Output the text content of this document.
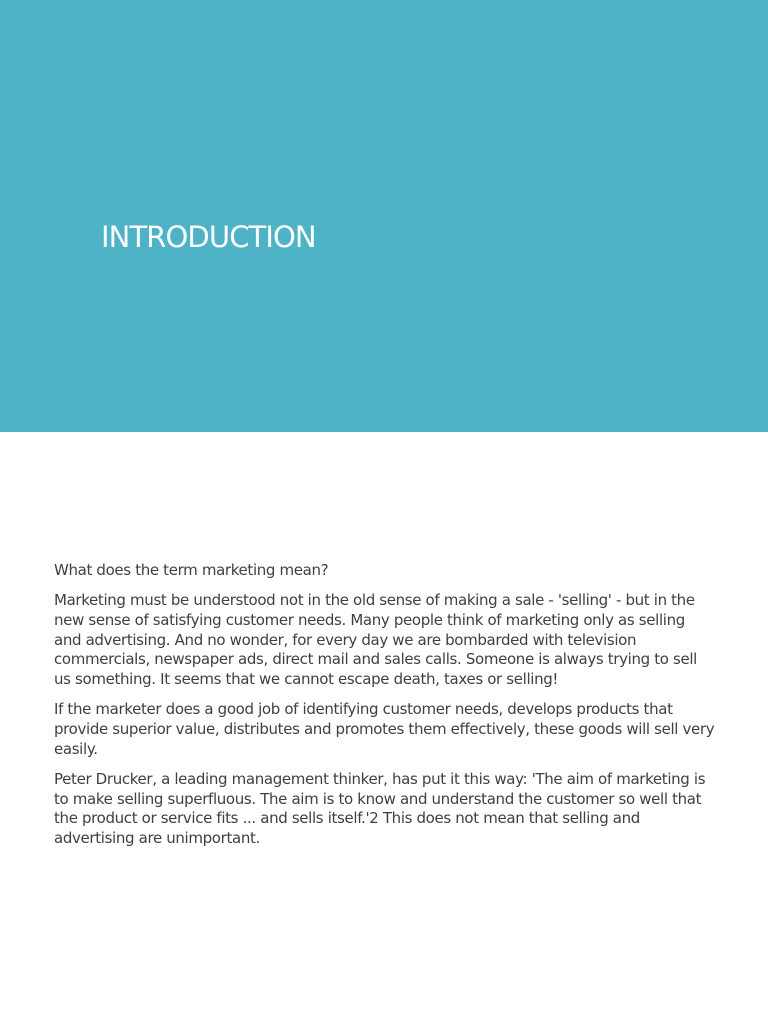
INTRODUCTION

What does the term marketing mean?

Marketing must be understood not in the old sense of making a sale - 'selling' - but in the new sense of satisfying customer needs. Many people think of marketing only as selling and advertising. And no wonder, for every day we are bombarded with television commercials, newspaper ads, direct mail and sales calls. Someone is always trying to sell us something. It seems that we cannot escape death, taxes or selling!

If the marketer does a good job of identifying customer needs, develops products that provide superior value, distributes and promotes them effectively, these goods will sell very easily.

Peter Drucker, a leading management thinker, has put it this way: 'The aim of marketing is to make selling superfluous. The aim is to know and understand the customer so well that the product or service fits ... and sells itself.'2 This does not mean that selling and advertising are unimportant.
